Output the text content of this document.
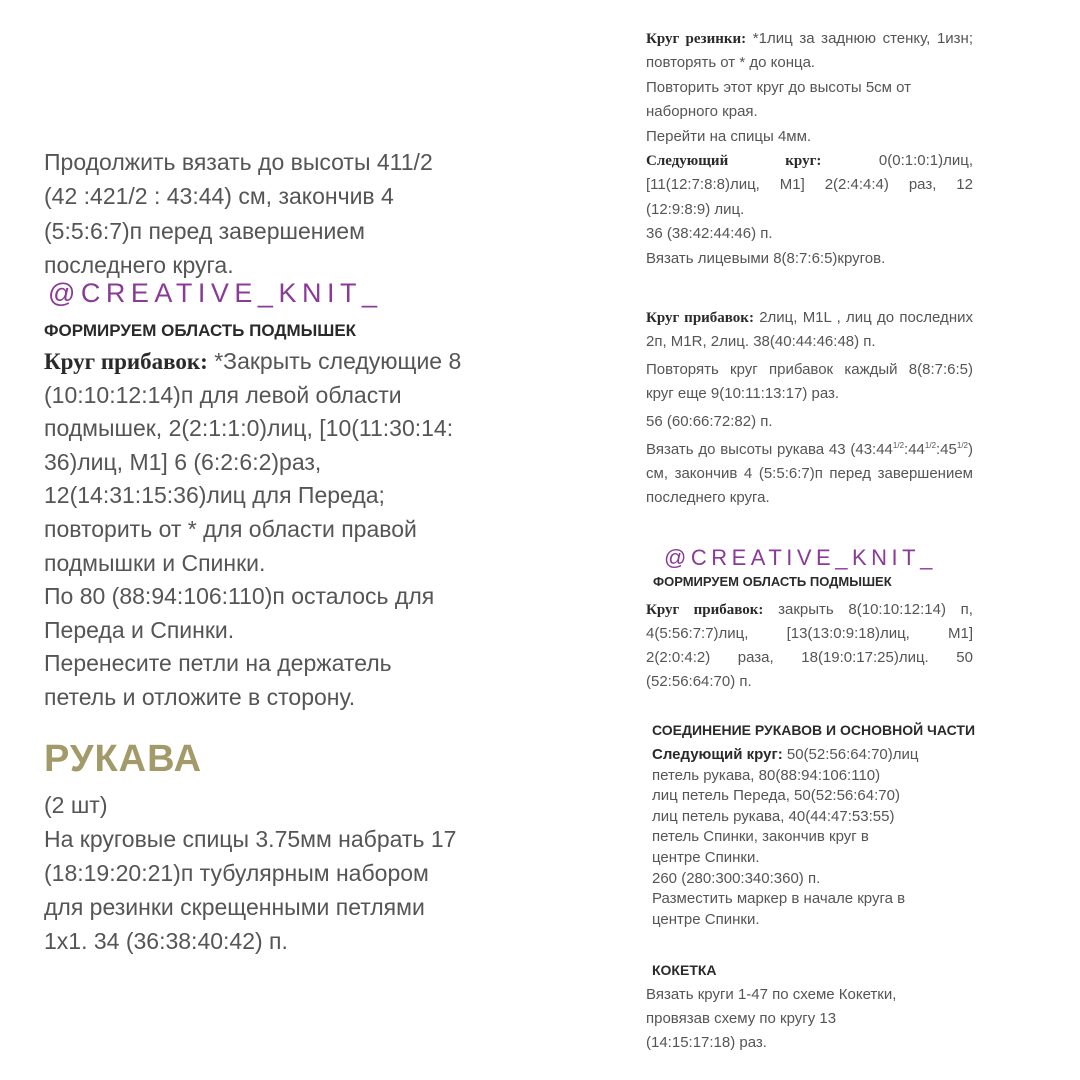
Продолжить вязать до высоты 411/2
(42 :421/2 : 43:44) см, закончив 4
(5:5:6:7)п перед завершением
последнего круга.

@CREATIVE_KNIT_
ФОРМИРУЕМ ОБЛАСТЬ ПОДМЫШЕК

Круг прибавок: *Закрыть следующие 8
(10:10:12:14)п для левой области
подмышек, 2(2:1:1:0)лиц, [10(11:30:14:
36)лиц, М1] 6 (6:2:6:2)раз,
12(14:31:15:36)лиц для Переда;
повторить от * для области правой
подмышки и Спинки.
По 80 (88:94:106:110)п осталось для
Переда и Спинки.
Перенесите петли на держатель
петель и отложите в сторону.

РУКАВА

(2 шт)
На круговые спицы 3.75мм набрать 17
(18:19:20:21)п тубулярным набором
для резинки скрещенными петлями
1х1. 34 (36:38:40:42) п.

Круг резинки: *1лиц за заднюю стенку, 1изн; повторять от * до конца.

Повторить этот круг до высоты 5см от наборного края.

Перейти на спицы 4мм.

Следующий круг: 0(0:1:0:1)лиц, [11(12:7:8:8)лиц, М1] 2(2:4:4:4) раз, 12 (12:9:8:9) лиц.

36 (38:42:44:46) п.

Вязать лицевыми 8(8:7:6:5)кругов.

Круг прибавок: 2лиц, М1L , лиц до последних 2п, М1R, 2лиц. 38(40:44:46:48) п.

Повторять круг прибавок каждый 8(8:7:6:5) круг еще 9(10:11:13:17) раз.

56 (60:66:72:82) п.

Вязать до высоты рукава 43 $(43:44^{1/2}:44^{1/2}:45^{1/2})$ см, закончив 4 (5:5:6:7)п перед завершением последнего круга.

@CREATIVE_KNIT_
ФОРМИРУЕМ ОБЛАСТЬ ПОДМЫШЕК

Круг прибавок: закрыть 8(10:10:12:14) п, 4(5:56:7:7)лиц, [13(13:0:9:18)лиц, М1] 2(2:0:4:2) раза, 18(19:0:17:25)лиц. 50 (52:56:64:70) п.

СОЕДИНЕНИЕ РУКАВОВ И ОСНОВНОЙ ЧАСТИ

Следующий круг: 50(52:56:64:70)лиц
петель рукава, 80(88:94:106:110)
лиц петель Переда, 50(52:56:64:70)
лиц петель рукава, 40(44:47:53:55)
петель Спинки, закончив круг в
центре Спинки.
260 (280:300:340:360) п.
Разместить маркер в начале круга в
центре Спинки.

КОКЕТКА

Вязать круги 1-47 по схеме Кокетки,
провязав схему по кругу 13
(14:15:17:18) раз.
